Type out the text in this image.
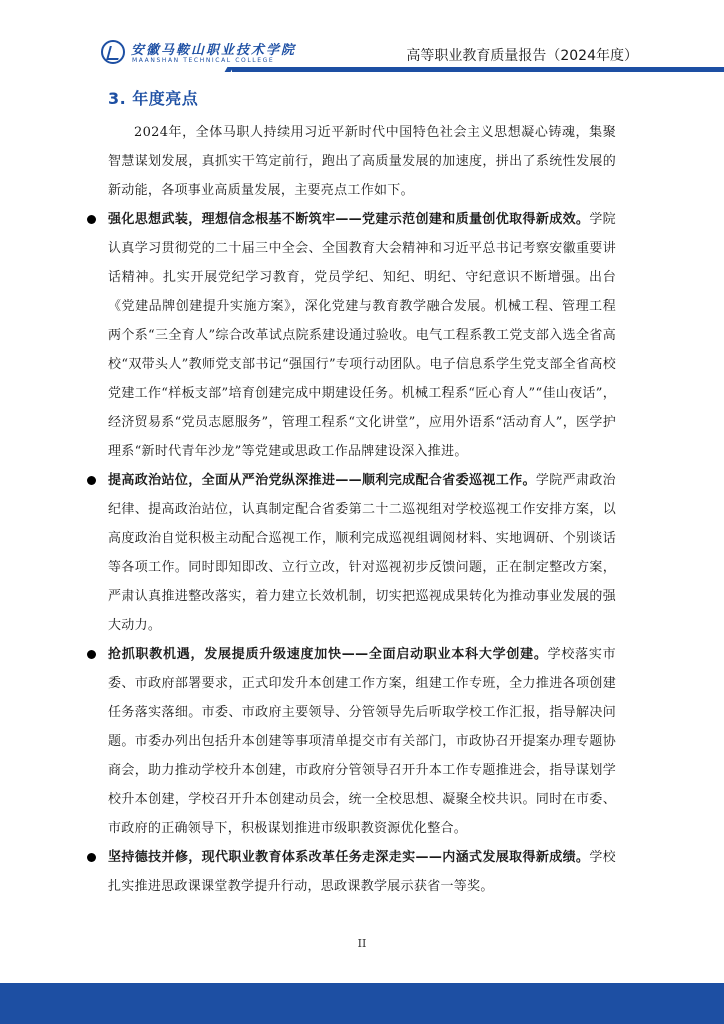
安徽马鞍山职业技术学院
MAANSHAN TECHNICAL COLLEGE	高等职业教育质量报告（2024年度）
3. 年度亮点

2024年，全体马职人持续用习近平新时代中国特色社会主义思想凝心铸魂，集聚智慧谋划发展，真抓实干笃定前行，跑出了高质量发展的加速度，拼出了系统性发展的新动能，各项事业高质量发展，主要亮点工作如下。

强化思想武装，理想信念根基不断筑牢——党建示范创建和质量创优取得新成效。学院认真学习贯彻党的二十届三中全会、全国教育大会精神和习近平总书记考察安徽重要讲话精神。扎实开展党纪学习教育，党员学纪、知纪、明纪、守纪意识不断增强。出台《党建品牌创建提升实施方案》，深化党建与教育教学融合发展。机械工程、管理工程两个系“三全育人”综合改革试点院系建设通过验收。电气工程系教工党支部入选全省高校“双带头人”教师党支部书记“强国行”专项行动团队。电子信息系学生党支部全省高校党建工作“样板支部”培育创建完成中期建设任务。机械工程系“匠心育人”“佳山夜话”，经济贸易系“党员志愿服务”，管理工程系“文化讲堂”，应用外语系“活动育人”，医学护理系“新时代青年沙龙”等党建或思政工作品牌建设深入推进。
提高政治站位，全面从严治党纵深推进——顺利完成配合省委巡视工作。学院严肃政治纪律、提高政治站位，认真制定配合省委第二十二巡视组对学校巡视工作安排方案，以高度政治自觉积极主动配合巡视工作，顺利完成巡视组调阅材料、实地调研、个别谈话等各项工作。同时即知即改、立行立改，针对巡视初步反馈问题，正在制定整改方案，严肃认真推进整改落实，着力建立长效机制，切实把巡视成果转化为推动事业发展的强大动力。
抢抓职教机遇，发展提质升级速度加快——全面启动职业本科大学创建。学校落实市委、市政府部署要求，正式印发升本创建工作方案，组建工作专班，全力推进各项创建任务落实落细。市委、市政府主要领导、分管领导先后听取学校工作汇报，指导解决问题。市委办列出包括升本创建等事项清单提交市有关部门，市政协召开提案办理专题协商会，助力推动学校升本创建，市政府分管领导召开升本工作专题推进会，指导谋划学校升本创建，学校召开升本创建动员会，统一全校思想、凝聚全校共识。同时在市委、市政府的正确领导下，积极谋划推进市级职教资源优化整合。
坚持德技并修，现代职业教育体系改革任务走深走实——内涵式发展取得新成绩。学校扎实推进思政课课堂教学提升行动，思政课教学展示获省一等奖。
II
